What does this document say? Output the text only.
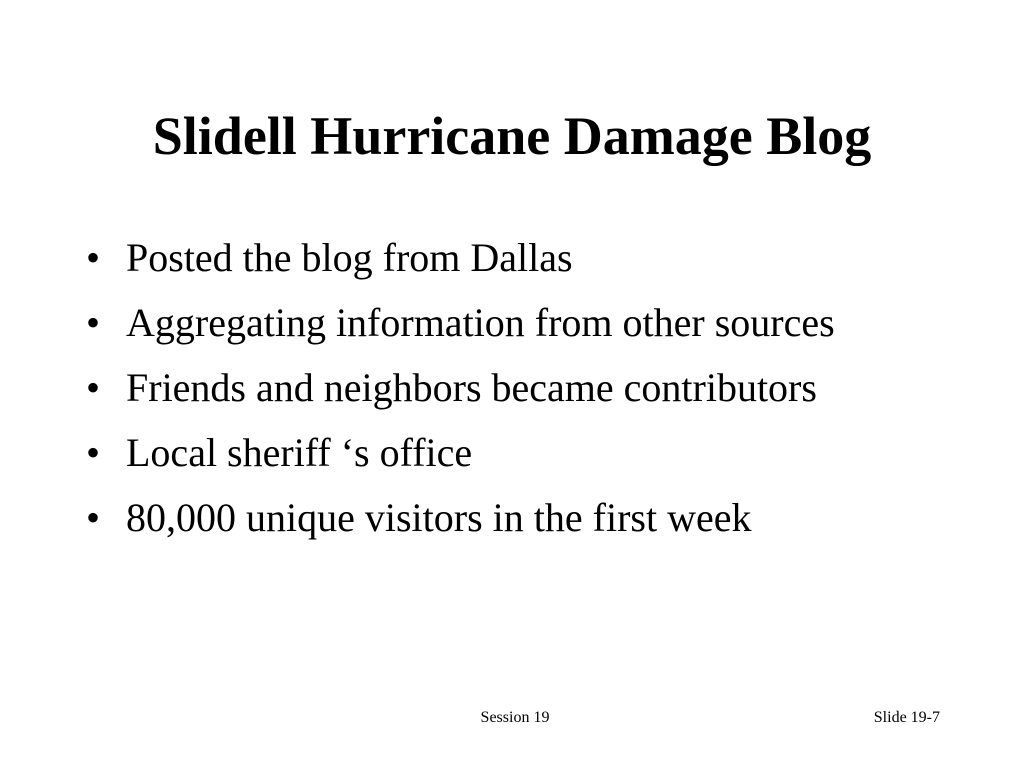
Slidell Hurricane Damage Blog
• Posted the blog from Dallas
• Aggregating information from other sources
• Friends and neighbors became contributors
• Local sheriff ‘s office
• 80,000 unique visitors in the first week
Session 19	Slide 19-7
